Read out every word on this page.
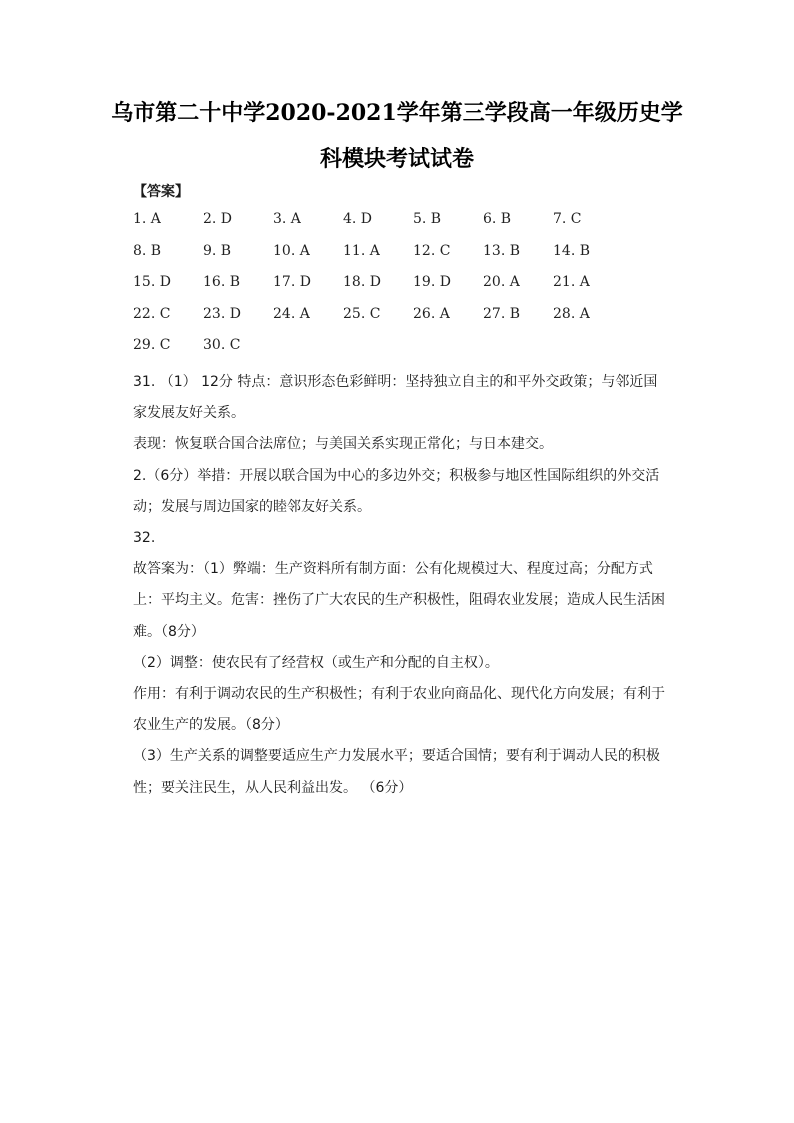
乌市第二十中学2020-2021学年第三学段高一年级历史学
科模块考试试卷
【答案】
1. A	2. D	3. A	4. D	5. B	6. B	7. C
8. B	9. B	10. A 11. A 12. C 13. B 14. B
15. D 16. B 17. D 18. D 19. D 20. A 21. A
22. C 23. D 24. A 25. C 26. A 27. B 28. A
29. C 30. C
31. （1） 12分 特点：意识形态色彩鲜明：坚持独立自主的和平外交政策；与邻近国
家发展友好关系。
表现：恢复联合国合法席位；与美国关系实现正常化；与日本建交。
2.（6分）举措：开展以联合国为中心的多边外交；积极参与地区性国际组织的外交活
动；发展与周边国家的睦邻友好关系。
32.
故答案为：（1）弊端：生产资料所有制方面：公有化规模过大、程度过高；分配方式
上：平均主义。危害：挫伤了广大农民的生产积极性，阻碍农业发展；造成人民生活困
难。（8分）
（2）调整：使农民有了经营权（或生产和分配的自主权）。
作用：有利于调动农民的生产积极性；有利于农业向商品化、现代化方向发展；有利于
农业生产的发展。（8分）
（3）生产关系的调整要适应生产力发展水平；要适合国情；要有利于调动人民的积极
性；要关注民生，从人民利益出发。 （6分）
